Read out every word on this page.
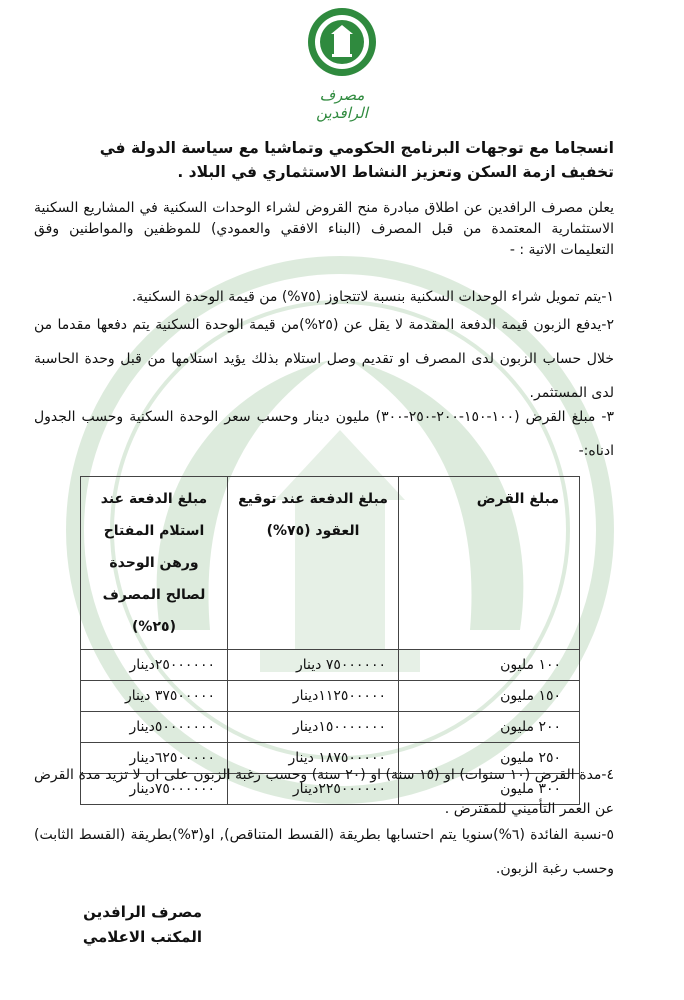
مصرف الرافدين
انسجاما مع توجهات البرنامج الحكومي وتماشيا مع سياسة الدولة في تخفيف ازمة السكن وتعزيز النشاط الاستثماري في البلاد .
يعلن مصرف الرافدين عن اطلاق مبادرة منح القروض لشراء الوحدات السكنية في المشاريع السكنية الاستثمارية المعتمدة من قبل المصرف (البناء الافقي والعمودي) للموظفين والمواطنين وفق التعليمات الاتية : -
١-يتم تمويل شراء الوحدات السكنية بنسبة لاتتجاوز (٧٥%) من قيمة الوحدة السكنية.
٢-يدفع الزبون قيمة الدفعة المقدمة لا يقل عن (٢٥%)من قيمة الوحدة السكنية يتم دفعها مقدما من خلال حساب الزبون لدى المصرف او تقديم وصل استلام بذلك يؤيد استلامها من قبل وحدة الحاسبة لدى المستثمر.
٣- مبلغ القرض (١٠٠-١٥٠-٢٠٠-٢٥٠-٣٠٠) مليون دينار وحسب سعر الوحدة السكنية وحسب الجدول ادناه:-
مبلغ القرض	مبلغ الدفعة عند توقيع العقود (٧٥%)	مبلغ الدفعة عند استلام المفتاح ورهن الوحدة لصالح المصرف (٢٥%)
١٠٠ مليون	٧٥٠٠٠٠٠٠ دينار	٢٥٠٠٠٠٠٠دينار
١٥٠ مليون	١١٢٥٠٠٠٠٠دينار	٣٧٥٠٠٠٠٠ دينار
٢٠٠ مليون	١٥٠٠٠٠٠٠٠دينار	٥٠٠٠٠٠٠٠دينار
٢٥٠ مليون	١٨٧٥٠٠٠٠٠ دينار	٦٢٥٠٠٠٠٠دينار
٣٠٠ مليون	٢٢٥٠٠٠٠٠٠دينار	٧٥٠٠٠٠٠٠دينار
٤-مدة القرض (١٠ سنوات) او (١٥ سنة) او (٢٠ سنة) وحسب رغبة الزبون على ان لا تزيد مدة القرض عن العمر التأميني للمقترض .
٥-نسبة الفائدة (٦%)سنويا يتم احتسابها بطريقة (القسط المتناقص), او(٣%)بطريقة (القسط الثابت) وحسب رغبة الزبون.
مصرف الرافدين
المكتب الاعلامي
